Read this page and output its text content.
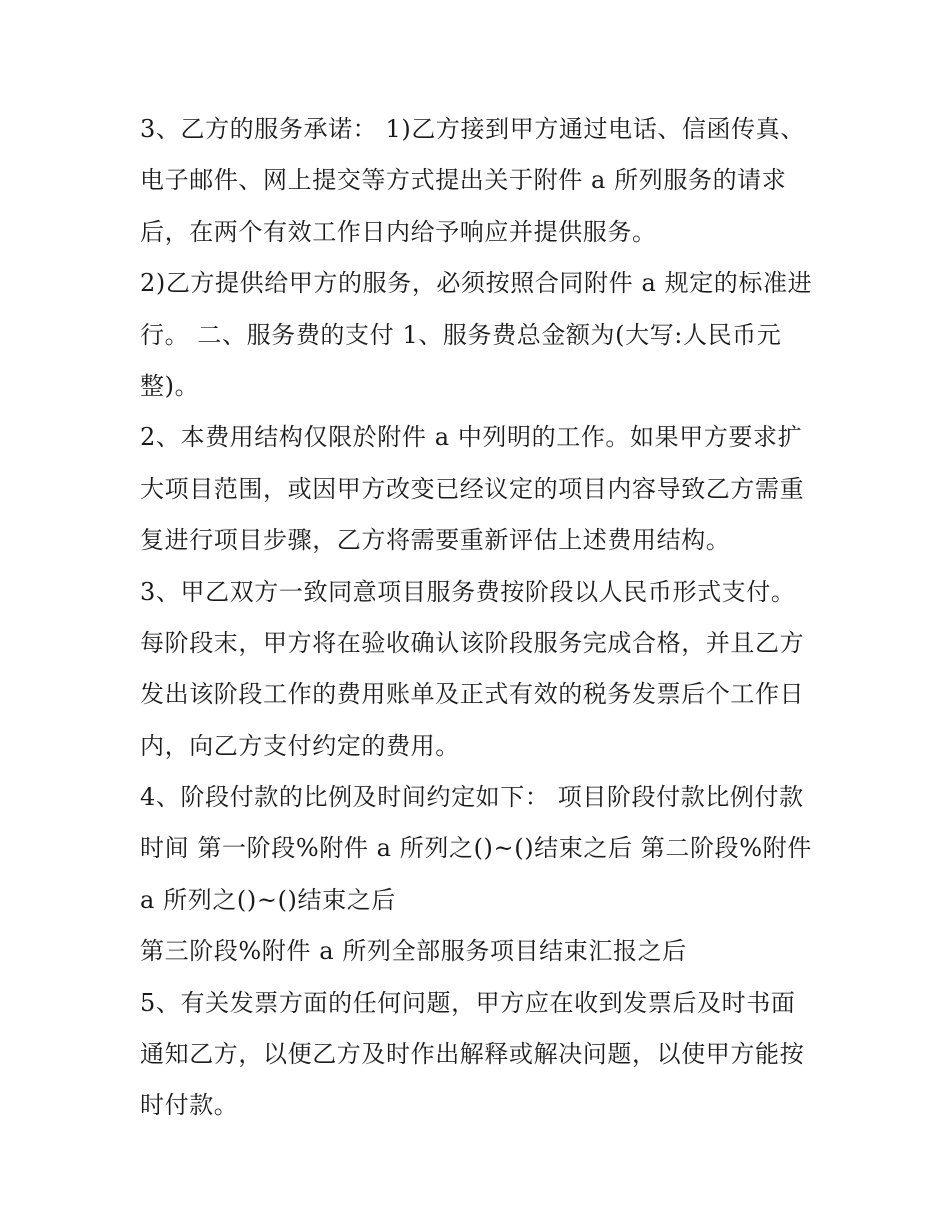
3、乙方的服务承诺： 1)乙方接到甲方通过电话、信函传真、
电子邮件、网上提交等方式提出关于附件 a 所列服务的请求
后，在两个有效工作日内给予响应并提供服务。
2)乙方提供给甲方的服务，必须按照合同附件 a 规定的标准进
行。 二、服务费的支付 1、服务费总金额为(大写:人民币元
整)。
2、本费用结构仅限於附件 a 中列明的工作。如果甲方要求扩
大项目范围，或因甲方改变已经议定的项目内容导致乙方需重
复进行项目步骤，乙方将需要重新评估上述费用结构。
3、甲乙双方一致同意项目服务费按阶段以人民币形式支付。
每阶段末，甲方将在验收确认该阶段服务完成合格，并且乙方
发出该阶段工作的费用账单及正式有效的税务发票后个工作日
内，向乙方支付约定的费用。
4、阶段付款的比例及时间约定如下： 项目阶段付款比例付款
时间 第一阶段%附件 a 所列之()~()结束之后 第二阶段%附件
a 所列之()~()结束之后
第三阶段%附件 a 所列全部服务项目结束汇报之后
5、有关发票方面的任何问题，甲方应在收到发票后及时书面
通知乙方，以便乙方及时作出解释或解决问题，以使甲方能按
时付款。
